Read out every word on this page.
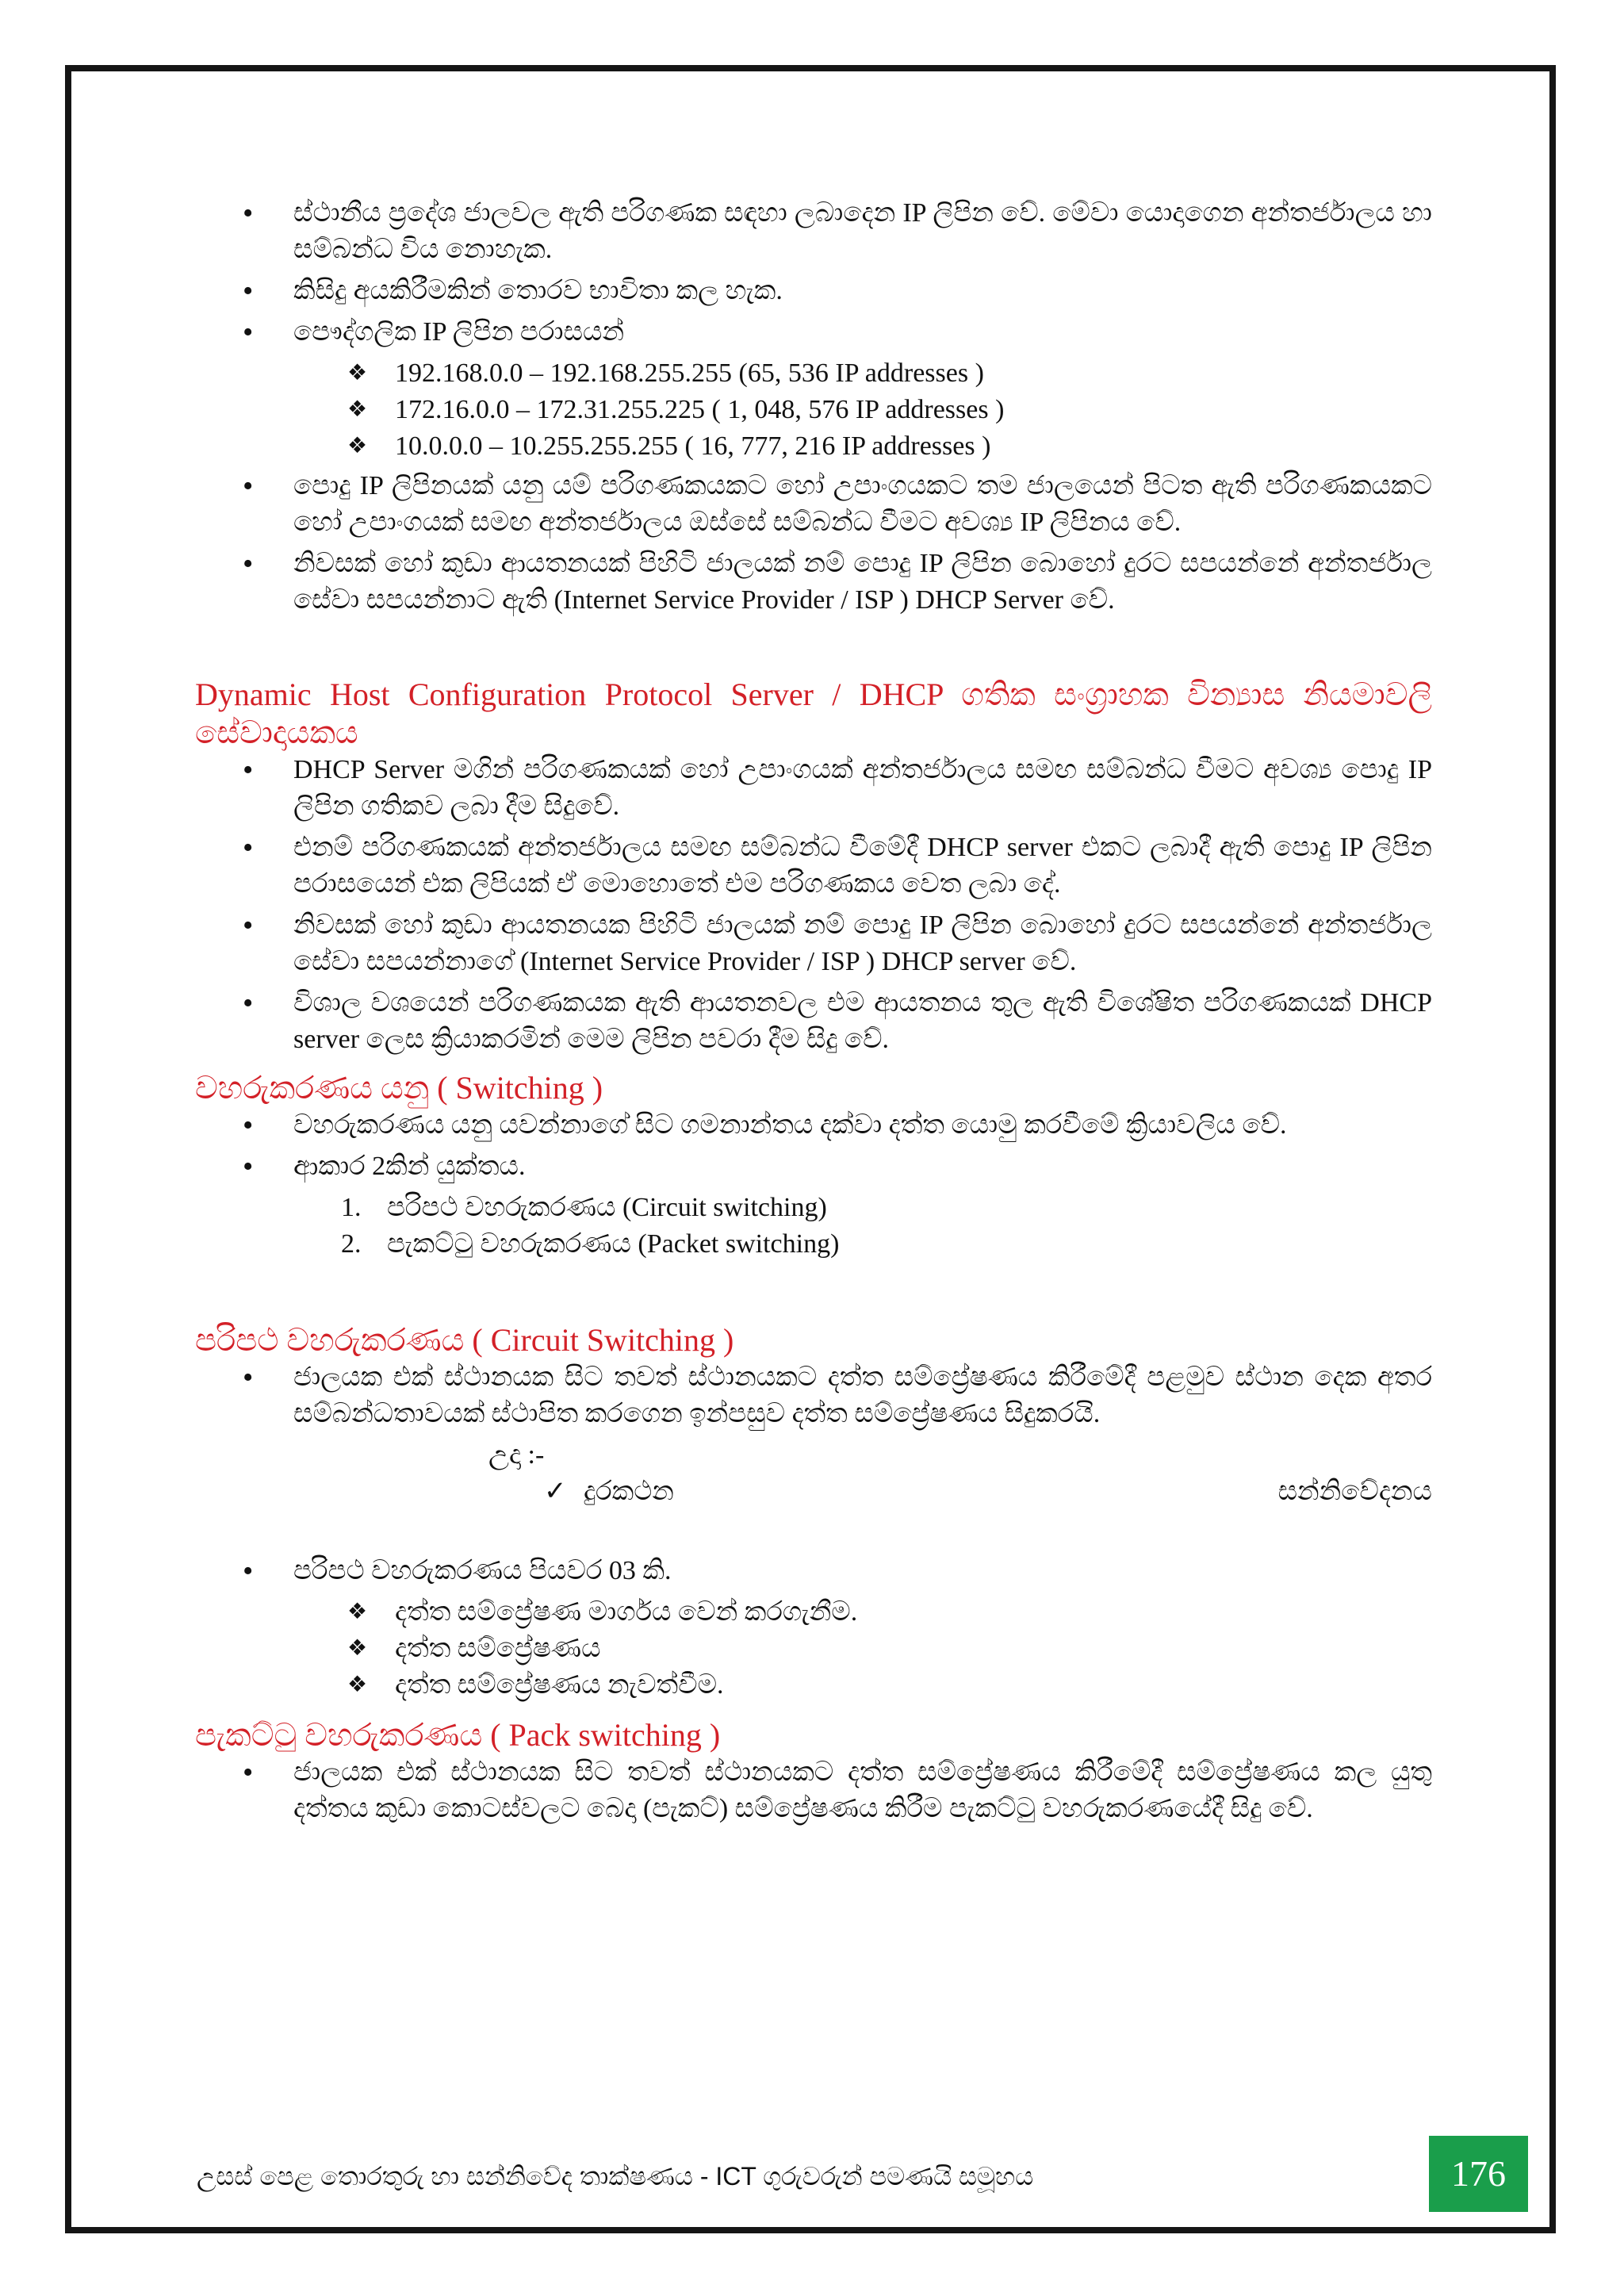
• ස්ථානීය ප්‍රදේශ ජාලවල ඇති පරිගණක සඳහා ලබාදෙන IP ලිපින වේ. මේවා යොදාගෙන අන්තර්ජාලය හා සම්බන්ධ විය නොහැක.
• කිසිදු අයකිරීමකින් තොරව භාවිතා කල හැක.
• පෞද්ගලික IP ලිපින පරාසයන්
❖ 192.168.0.0 – 192.168.255.255 (65, 536 IP addresses )
❖ 172.16.0.0 – 172.31.255.225 ( 1, 048, 576 IP addresses )
❖ 10.0.0.0 – 10.255.255.255 ( 16, 777, 216 IP addresses )
• පොදු IP ලිපිනයක් යනු යම් පරිගණකයකට හෝ උපාංගයකට තම ජාලයෙන් පිටත ඇති පරිගණකයකට හෝ උපාංගයක් සමඟ අන්තර්ජාලය ඔස්සේ සම්බන්ධ වීමට අවශ්‍ය IP ලිපිනය වේ.
• නිවසක් හෝ කුඩා ආයතනයක් පිහිටි ජාලයක් නම් පොදු IP ලිපින බොහෝ දුරට සපයන්නේ අන්තර්ජාල සේවා සපයන්නාට ඇති (Internet Service Provider / ISP ) DHCP Server වේ.

Dynamic Host Configuration Protocol Server / DHCP ගතික සංග්‍රාහක වින්‍යාස නියමාවලි සේවාදායකය

• DHCP Server මගින් පරිගණකයක් හෝ උපාංගයක් අන්තර්ජාලය සමඟ සම්බන්ධ වීමට අවශ්‍ය පොදු IP ලිපින ගතිකව ලබා දීම සිදුවේ.
• එනම් පරිගණකයක් අන්තර්ජාලය සමඟ සම්බන්ධ වීමේදී DHCP server එකට ලබාදී ඇති පොදු IP ලිපින පරාසයෙන් එක ලිපියක් ඒ මොහොතේ එම පරිගණකය වෙත ලබා දේ.
• නිවසක් හෝ කුඩා ආයතනයක පිහිටි ජාලයක් නම් පොදු IP ලිපින බොහෝ දුරට සපයන්නේ අන්තර්ජාල සේවා සපයන්නාගේ (Internet Service Provider / ISP ) DHCP server වේ.
• විශාල වශයෙන් පරිගණකයක ඇති ආයතනවල එම ආයතනය තුල ඇති විශේෂිත පරිගණකයක් DHCP server ලෙස ක්‍රියාකරමින් මෙම ලිපින පවරා දීම සිදු වේ.

වහරුකරණය යනු ( Switching )

• වහරුකරණය යනු යවන්නාගේ සිට ගමනාන්තය දක්වා දත්ත යොමු කරවීමේ ක්‍රියාවලිය වේ.
• ආකාර 2කින් යුක්තය.
1. පරිපථ වහරුකරණය (Circuit switching)
2. පැකට්ටු වහරුකරණය (Packet switching)

පරිපථ වහරුකරණය ( Circuit Switching )

• ජාලයක එක් ස්ථානයක සිට තවත් ස්ථානයකට දත්ත සම්ප්‍රේෂණය කිරීමේදී පළමුව ස්ථාන දෙක අතර සම්බන්ධතාවයක් ස්ථාපිත කරගෙන ඉන්පසුව දත්ත සම්ප්‍රේෂණය සිදුකරයි.
උදා :-
✓ දුරකථන	සන්නිවේදනය
• පරිපථ වහරුකරණය පියවර 03 කි.
❖ දත්ත සම්ප්‍රේෂණ මාර්ගය වෙන් කරගැනීම.
❖ දත්ත සම්ප්‍රේෂණය
❖ දත්ත සම්ප්‍රේෂණය නැවත්වීම.

පැකට්ටු වහරුකරණය ( Pack switching )

• ජාලයක එක් ස්ථානයක සිට තවත් ස්ථානයකට දත්ත සම්ප්‍රේෂණය කිරීමේදී සම්ප්‍රේෂණය කල යුතු දත්තය කුඩා කොටස්වලට බෙදා (පැකට්) සම්ප්‍රේෂණය කිරීම පැකට්ටු වහරුකරණයේදී සිදු වේ.
උසස් පෙළ තොරතුරු හා සන්නිවේද තාක්ෂණය - ICT ගුරුවරුන් පමණයි සමූහය	176
